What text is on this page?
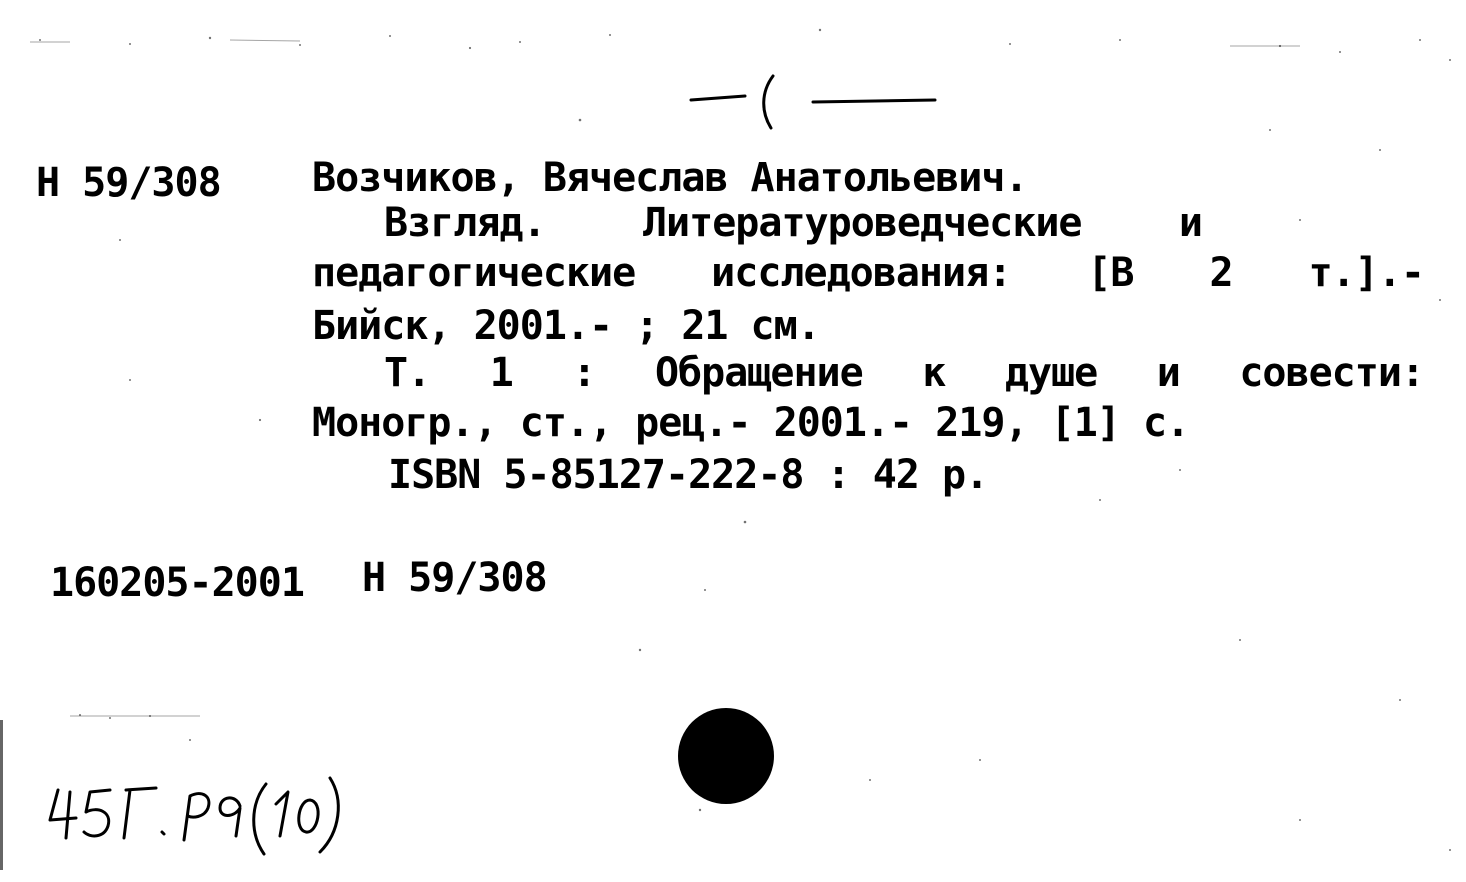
Н 59/308 Возчиков, Вячеслав Анатольевич.
Взгляд. Литературоведческие и
педагогические исследования: [В 2 т.].-
Бийск, 2001.- ; 21 см.
Т. 1 : Обращение к душе и совести:
Моногр., ст., рец.- 2001.- 219, [1] с.
ISBN 5-85127-222-8 : 42 р.
160205-2001 Н 59/308
